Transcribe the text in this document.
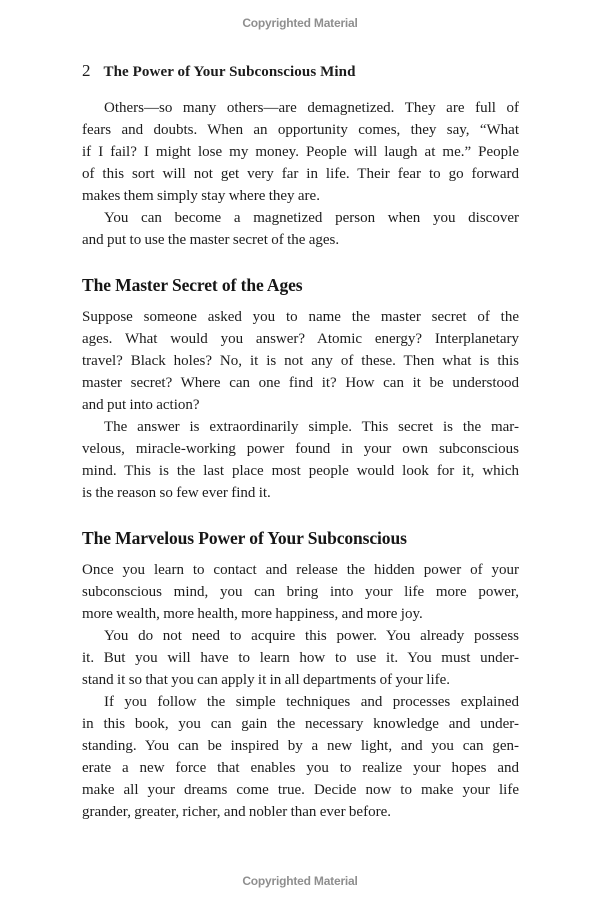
Copyrighted Material
2 The Power of Your Subconscious Mind

Others—so many others—are demagnetized. They are full of
fears and doubts. When an opportunity comes, they say, “What
if I fail? I might lose my money. People will laugh at me.” People
of this sort will not get very far in life. Their fear to go forward
makes them simply stay where they are.

You can become a magnetized person when you discover
and put to use the master secret of the ages.

The Master Secret of the Ages

Suppose someone asked you to name the master secret of the
ages. What would you answer? Atomic energy? Interplanetary
travel? Black holes? No, it is not any of these. Then what is this
master secret? Where can one find it? How can it be understood
and put into action?

The answer is extraordinarily simple. This secret is the mar-
velous, miracle-working power found in your own subconscious
mind. This is the last place most people would look for it, which
is the reason so few ever find it.

The Marvelous Power of Your Subconscious

Once you learn to contact and release the hidden power of your
subconscious mind, you can bring into your life more power,
more wealth, more health, more happiness, and more joy.

You do not need to acquire this power. You already possess
it. But you will have to learn how to use it. You must under-
stand it so that you can apply it in all departments of your life.

If you follow the simple techniques and processes explained
in this book, you can gain the necessary knowledge and under-
standing. You can be inspired by a new light, and you can gen-
erate a new force that enables you to realize your hopes and
make all your dreams come true. Decide now to make your life
grander, greater, richer, and nobler than ever before.

Copyrighted Material
